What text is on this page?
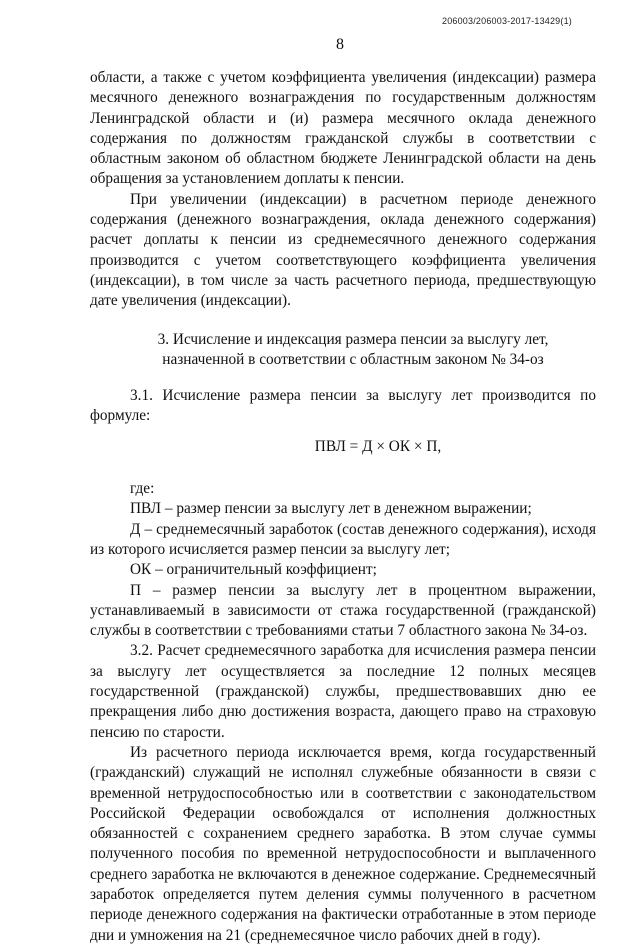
206003/206003-2017-13429(1)
8

области, а также с учетом коэффициента увеличения (индексации) размера месячного денежного вознаграждения по государственным должностям Ленинградской области и (и) размера месячного оклада денежного содержания по должностям гражданской службы в соответствии с областным законом об областном бюджете Ленинградской области на день обращения за установлением доплаты к пенсии.

При увеличении (индексации) в расчетном периоде денежного содержания (денежного вознаграждения, оклада денежного содержания) расчет доплаты к пенсии из среднемесячного денежного содержания производится с учетом соответствующего коэффициента увеличения (индексации), в том числе за часть расчетного периода, предшествующую дате увеличения (индексации).

3. Исчисление и индексация размера пенсии за выслугу лет,
назначенной в соответствии с областным законом № 34-оз

3.1. Исчисление размера пенсии за выслугу лет производится по формуле:

ПВЛ = Д × ОК × П,

где:

ПВЛ – размер пенсии за выслугу лет в денежном выражении;

Д – среднемесячный заработок (состав денежного содержания), исходя из которого исчисляется размер пенсии за выслугу лет;

ОК – ограничительный коэффициент;

П – размер пенсии за выслугу лет в процентном выражении, устанавливаемый в зависимости от стажа государственной (гражданской) службы в соответствии с требованиями статьи 7 областного закона № 34-оз.

3.2. Расчет среднемесячного заработка для исчисления размера пенсии за выслугу лет осуществляется за последние 12 полных месяцев государственной (гражданской) службы, предшествовавших дню ее прекращения либо дню достижения возраста, дающего право на страховую пенсию по старости.

Из расчетного периода исключается время, когда государственный (гражданский) служащий не исполнял служебные обязанности в связи с временной нетрудоспособностью или в соответствии с законодательством Российской Федерации освобождался от исполнения должностных обязанностей с сохранением среднего заработка. В этом случае суммы полученного пособия по временной нетрудоспособности и выплаченного среднего заработка не включаются в денежное содержание. Среднемесячный заработок определяется путем деления суммы полученного в расчетном периоде денежного содержания на фактически отработанные в этом периоде дни и умножения на 21 (среднемесячное число рабочих дней в году).
